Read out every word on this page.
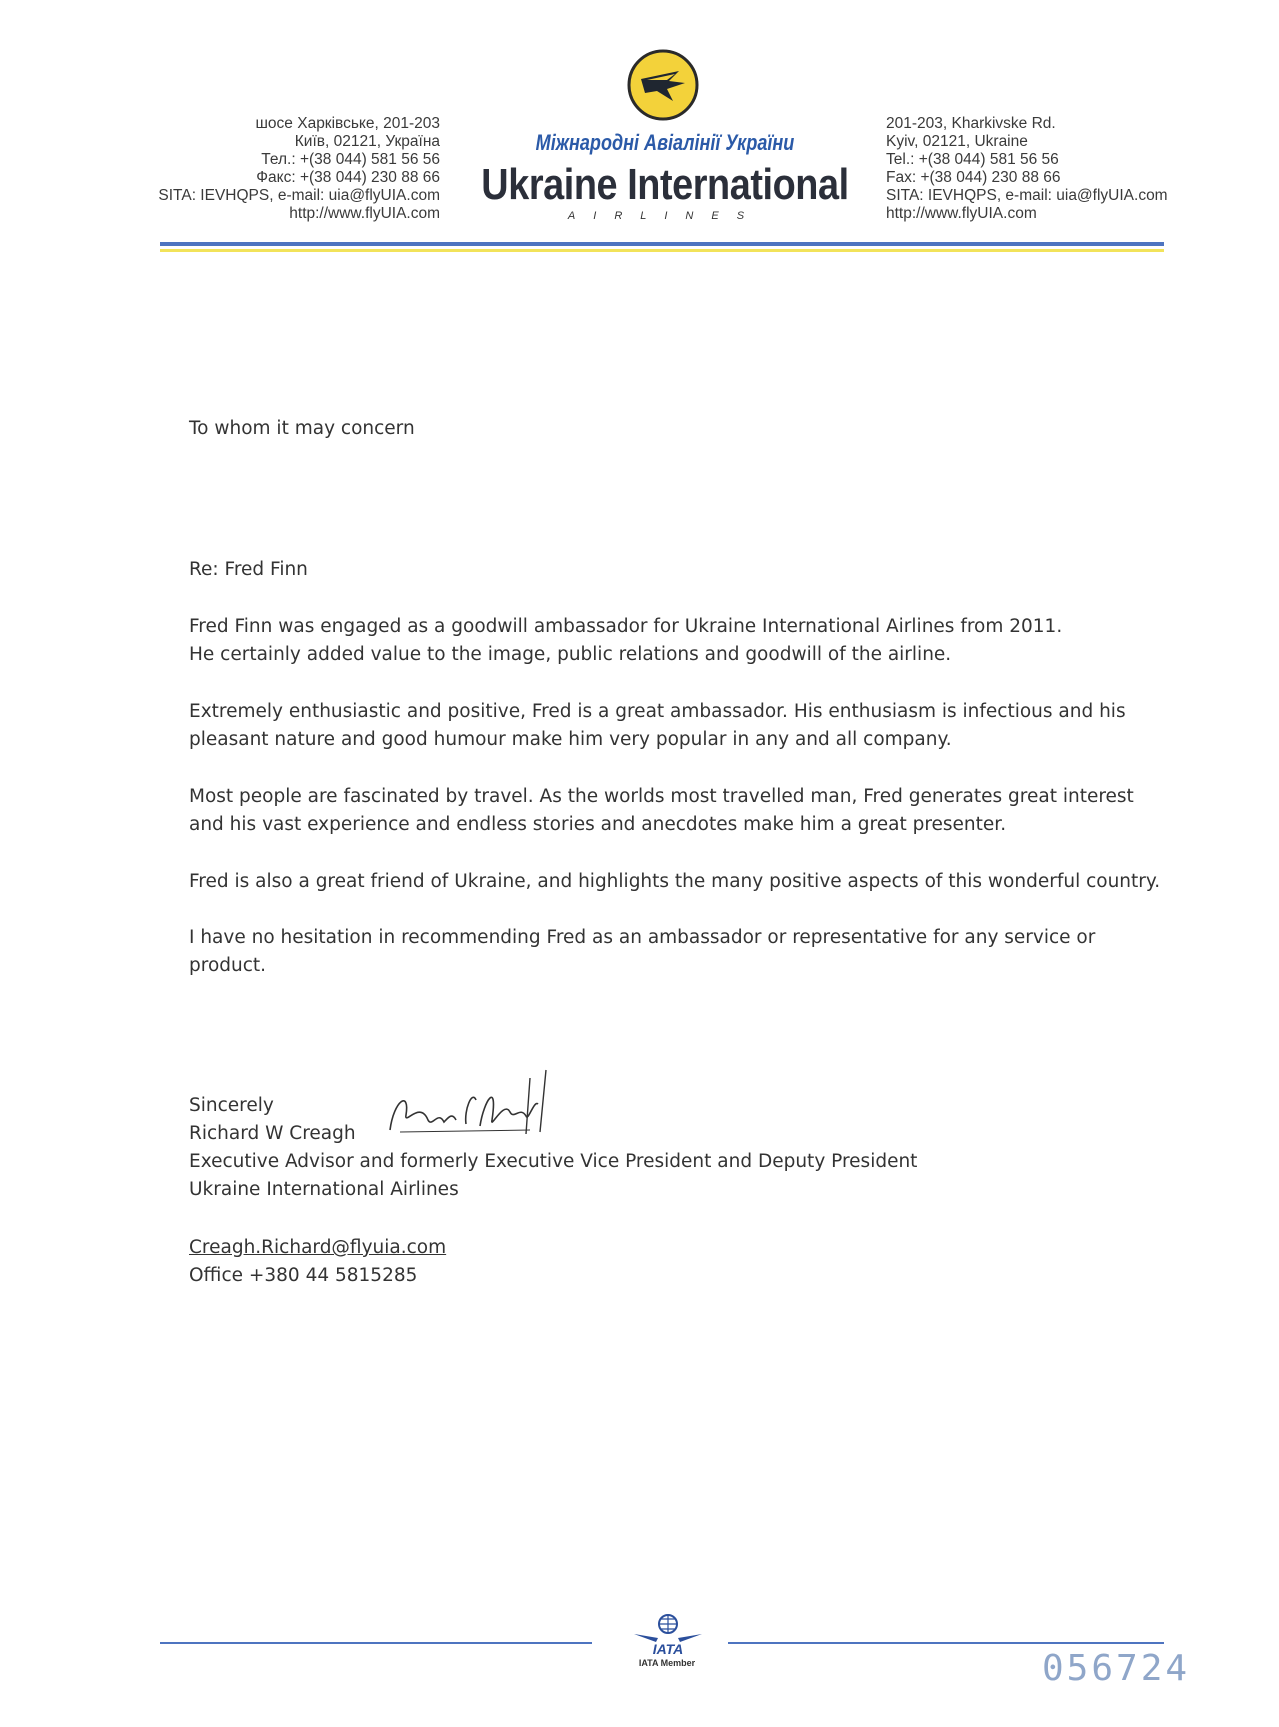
шосе Харківське, 201-203
Київ, 02121, Україна
Тел.: +(38 044) 581 56 56
Факс: +(38 044) 230 88 66
SITA: IEVHQPS, e-mail: uia@flyUIA.com
http://www.flyUIA.com
Міжнародні Авіалінії України
Ukraine International
AIRLINES
201-203, Kharkivske Rd.
Kyiv, 02121, Ukraine
Tel.: +(38 044) 581 56 56
Fax: +(38 044) 230 88 66
SITA: IEVHQPS, e-mail: uia@flyUIA.com
http://www.flyUIA.com
To whom it may concern
Re: Fred Finn
Fred Finn was engaged as a goodwill ambassador for Ukraine International Airlines from 2011.
He certainly added value to the image, public relations and goodwill of the airline.
Extremely enthusiastic and positive, Fred is a great ambassador. His enthusiasm is infectious and his
pleasant nature and good humour make him very popular in any and all company.
Most people are fascinated by travel. As the worlds most travelled man, Fred generates great interest
and his vast experience and endless stories and anecdotes make him a great presenter.
Fred is also a great friend of Ukraine, and highlights the many positive aspects of this wonderful country.
I have no hesitation in recommending Fred as an ambassador or representative for any service or
product.
Sincerely
Richard W Creagh
Executive Advisor and formerly Executive Vice President and Deputy President
Ukraine International Airlines
Creagh.Richard@flyuia.com
Office +380 44 5815285
IATA
IATA Member	056724
